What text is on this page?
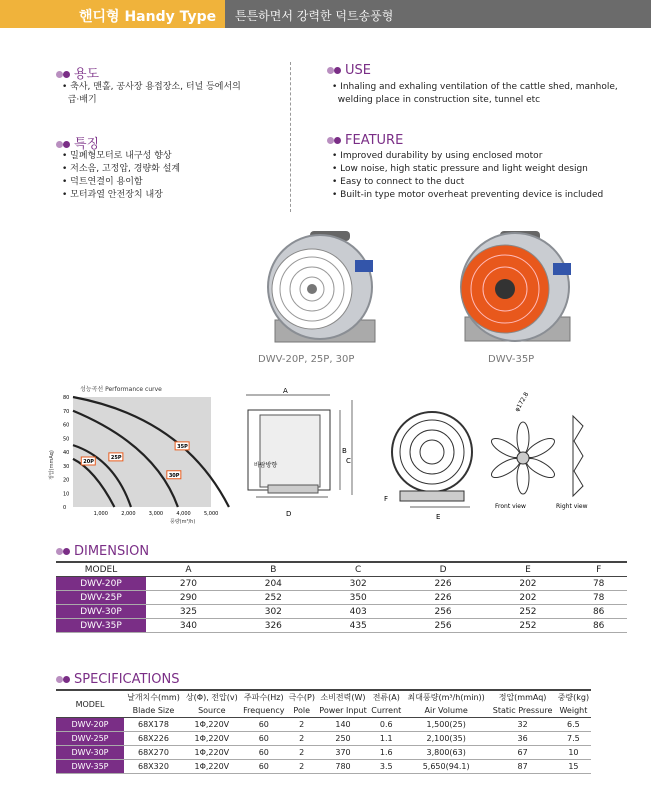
핸디형 Handy Type 튼튼하면서 강력한 덕트송풍형
용도
• 축사, 맨홀, 공사장 용접장소, 터널 등에서의
급·배기
USE
• Inhaling and exhaling ventilation of the cattle shed, manhole,
welding place in construction site, tunnel etc
특징
• 밀폐형모터로 내구성 향상
• 저소음, 고정압, 경량화 설계
• 덕트연결이 용이함
• 모터과열 안전장치 내장
FEATURE
• Improved durability by using enclosed motor
• Low noise, high static pressure and light weight design
• Easy to connect to the duct
• Built-in type motor overheat preventing device is included
DWV-20P, 25P, 30P	DWV-35P
성능곡선 Performance curve
0
10
20
30
40
50
60
70
80
1,000	2,000	3,000	4,000	5,000
20P
25P
30P
35P
풍량(m³/h)
정압(mmAq)
A
D
바람방향
B
C
E
F
φ172.8
Front view	Right view
DIMENSION
MODEL	A	B	C	D	E	F
DWV-20P	270	204	302	226	202	78
DWV-25P	290	252	350	226	202	78
DWV-30P	325	302	403	256	252	86
DWV-35P	340	326	435	256	252	86
SPECIFICATIONS
MODEL	날개치수(mm)	상(Φ), 전압(v)	주파수(Hz)	극수(P)	소비전력(W)	전류(A)	최대풍량(m³/h(min))	정압(mmAq)	중량(kg)
	Blade Size	Source	Frequency	Pole	Power Input	Current	Air Volume	Static Pressure	Weight
DWV-20P	68X178	1Φ,220V	60	2	140	0.6	1,500(25)	32	6.5
DWV-25P	68X226	1Φ,220V	60	2	250	1.1	2,100(35)	36	7.5
DWV-30P	68X270	1Φ,220V	60	2	370	1.6	3,800(63)	67	10
DWV-35P	68X320	1Φ,220V	60	2	780	3.5	5,650(94.1)	87	15
